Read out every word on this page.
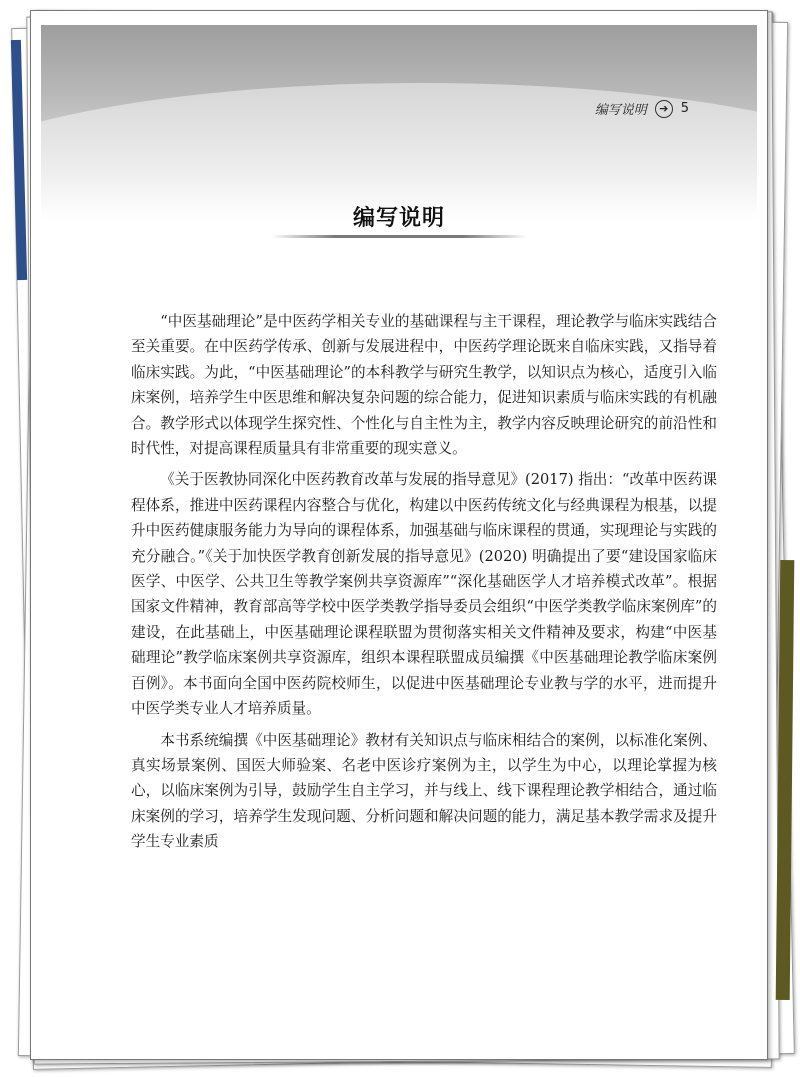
编写说明	➔ 5
编写说明

“中医基础理论”是中医药学相关专业的基础课程与主干课程，理论教学与临床实践结合至关重要。在中医药学传承、创新与发展进程中，中医药学理论既来自临床实践，又指导着临床实践。为此，“中医基础理论”的本科教学与研究生教学，以知识点为核心，适度引入临床案例，培养学生中医思维和解决复杂问题的综合能力，促进知识素质与临床实践的有机融合。教学形式以体现学生探究性、个性化与自主性为主，教学内容反映理论研究的前沿性和时代性，对提高课程质量具有非常重要的现实意义。

《关于医教协同深化中医药教育改革与发展的指导意见》(2017) 指出：“改革中医药课程体系，推进中医药课程内容整合与优化，构建以中医药传统文化与经典课程为根基，以提升中医药健康服务能力为导向的课程体系，加强基础与临床课程的贯通，实现理论与实践的充分融合。”《关于加快医学教育创新发展的指导意见》(2020) 明确提出了要“建设国家临床医学、中医学、公共卫生等教学案例共享资源库”“深化基础医学人才培养模式改革”。根据国家文件精神，教育部高等学校中医学类教学指导委员会组织“中医学类教学临床案例库”的建设，在此基础上，中医基础理论课程联盟为贯彻落实相关文件精神及要求，构建“中医基础理论”教学临床案例共享资源库，组织本课程联盟成员编撰《中医基础理论教学临床案例百例》。本书面向全国中医药院校师生，以促进中医基础理论专业教与学的水平，进而提升中医学类专业人才培养质量。

本书系统编撰《中医基础理论》教材有关知识点与临床相结合的案例，以标准化案例、真实场景案例、国医大师验案、名老中医诊疗案例为主，以学生为中心，以理论掌握为核心，以临床案例为引导，鼓励学生自主学习，并与线上、线下课程理论教学相结合，通过临床案例的学习，培养学生发现问题、分析问题和解决问题的能力，满足基本教学需求及提升学生专业素质
